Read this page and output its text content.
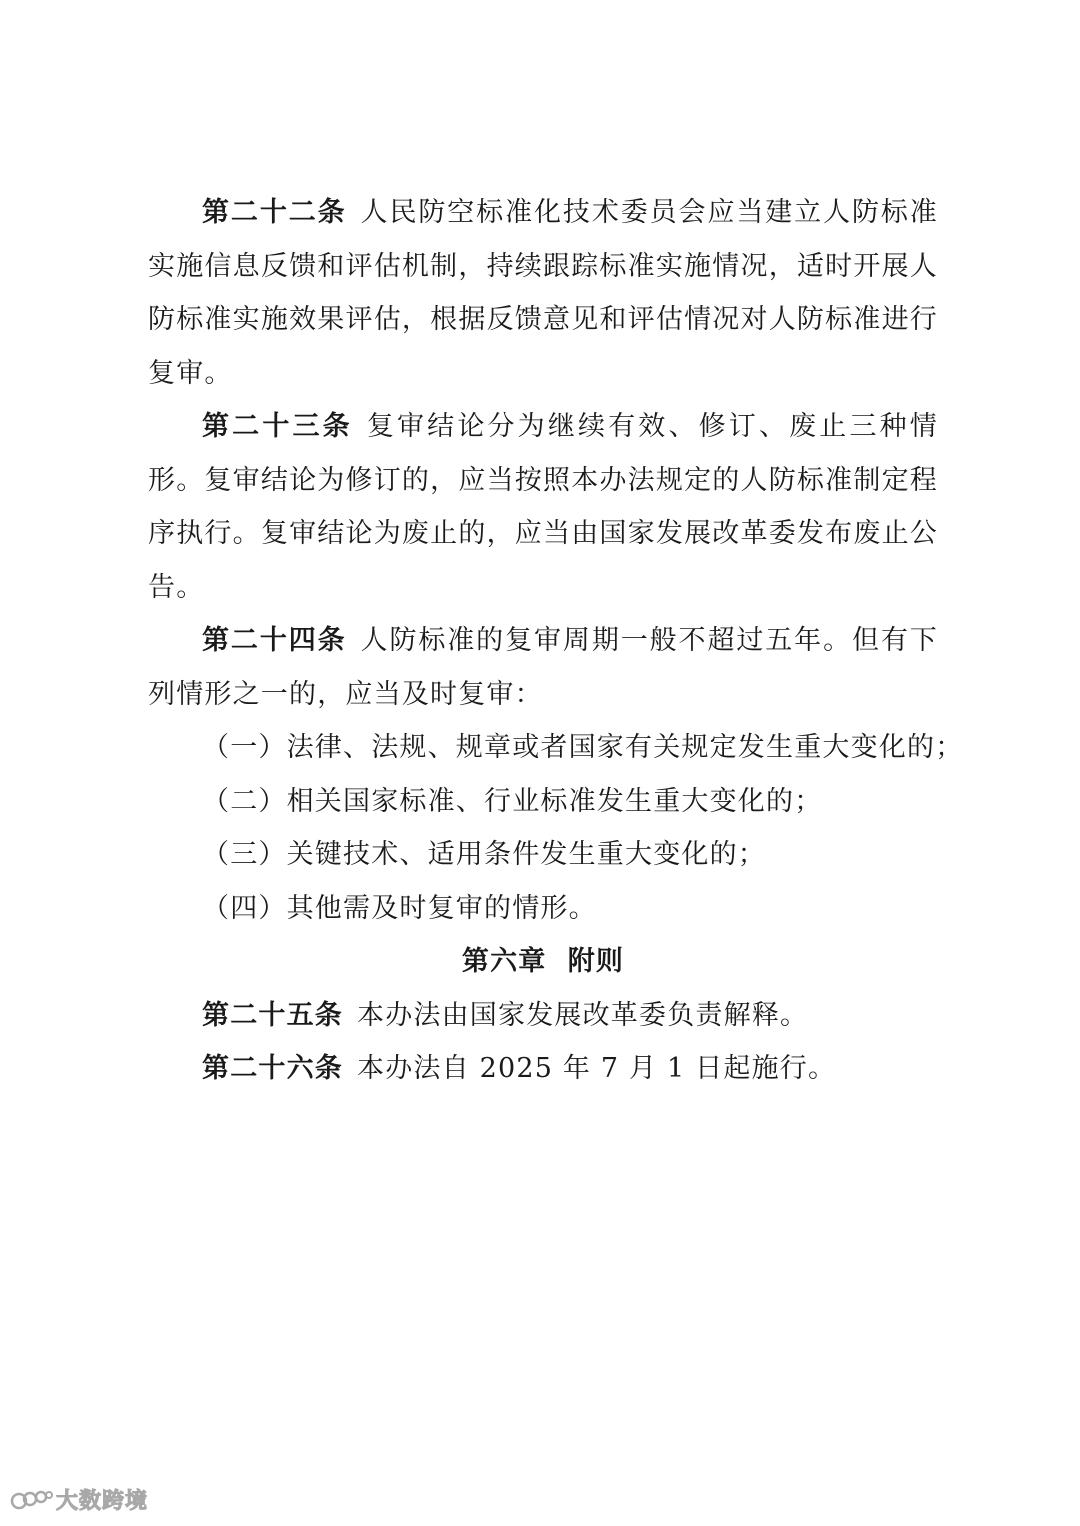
第二十二条 人民防空标准化技术委员会应当建立人防标准实施信息反馈和评估机制，持续跟踪标准实施情况，适时开展人防标准实施效果评估，根据反馈意见和评估情况对人防标准进行复审。

第二十三条 复审结论分为继续有效、修订、废止三种情形。复审结论为修订的，应当按照本办法规定的人防标准制定程序执行。复审结论为废止的，应当由国家发展改革委发布废止公告。

第二十四条 人防标准的复审周期一般不超过五年。但有下列情形之一的，应当及时复审：

（一）法律、法规、规章或者国家有关规定发生重大变化的；

（二）相关国家标准、行业标准发生重大变化的；

（三）关键技术、适用条件发生重大变化的；

（四）其他需及时复审的情形。

第六章  附则

第二十五条 本办法由国家发展改革委负责解释。

第二十六条 本办法自 2025 年 7 月 1 日起施行。

大数跨境
